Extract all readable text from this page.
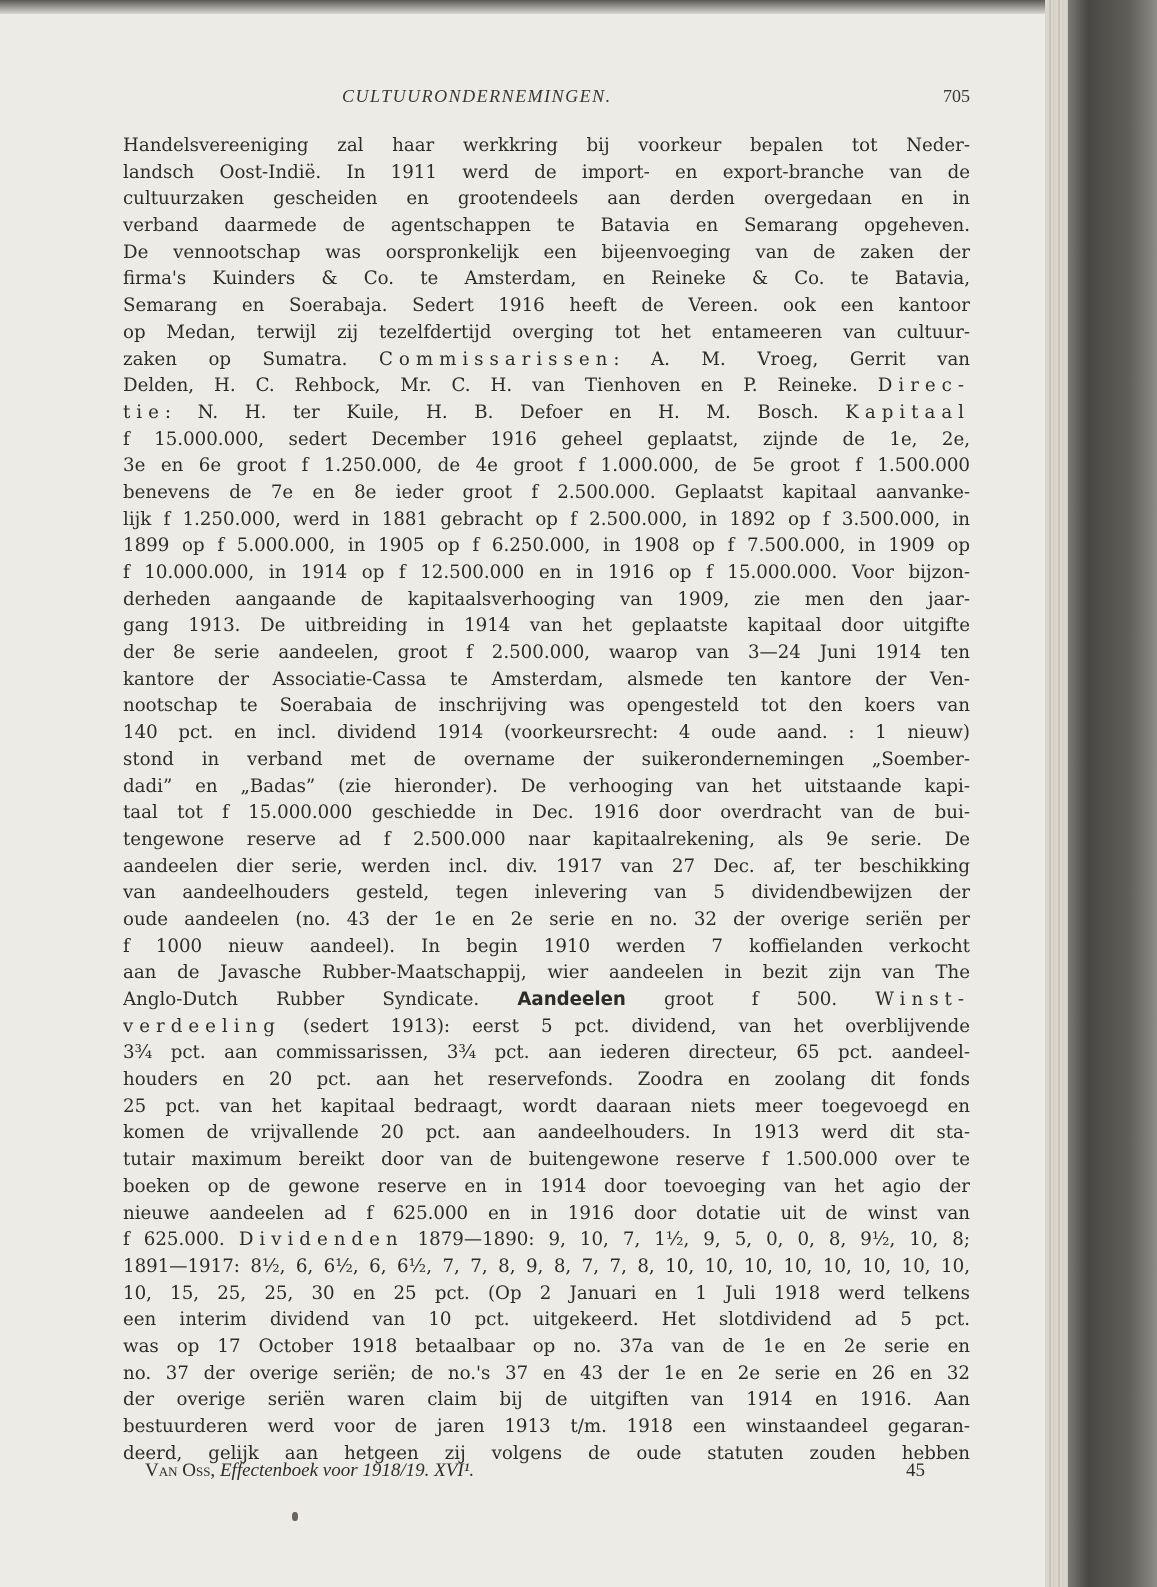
CULTUURONDERNEMINGEN.	705
Handelsvereeniging zal haar werkkring bij voorkeur bepalen tot Neder-
landsch Oost-Indië. In 1911 werd de import- en export-branche van de
cultuurzaken gescheiden en grootendeels aan derden overgedaan en in
verband daarmede de agentschappen te Batavia en Semarang opgeheven.
De vennootschap was oorspronkelijk een bijeenvoeging van de zaken der
firma's Kuinders & Co. te Amsterdam, en Reineke & Co. te Batavia,
Semarang en Soerabaja. Sedert 1916 heeft de Vereen. ook een kantoor
op Medan, terwijl zij tezelfdertijd overging tot het entameeren van cultuur-
zaken op Sumatra. Commissarissen: A. M. Vroeg, Gerrit van
Delden, H. C. Rehbock, Mr. C. H. van Tienhoven en P. Reineke. Direc-
tie: N. H. ter Kuile, H. B. Defoer en H. M. Bosch. Kapitaal
f 15.000.000, sedert December 1916 geheel geplaatst, zijnde de 1e, 2e,
3e en 6e groot f 1.250.000, de 4e groot f 1.000.000, de 5e groot f 1.500.000
benevens de 7e en 8e ieder groot f 2.500.000. Geplaatst kapitaal aanvanke-
lijk f 1.250.000, werd in 1881 gebracht op f 2.500.000, in 1892 op f 3.500.000, in
1899 op f 5.000.000, in 1905 op f 6.250.000, in 1908 op f 7.500.000, in 1909 op
f 10.000.000, in 1914 op f 12.500.000 en in 1916 op f 15.000.000. Voor bijzon-
derheden aangaande de kapitaalsverhooging van 1909, zie men den jaar-
gang 1913. De uitbreiding in 1914 van het geplaatste kapitaal door uitgifte
der 8e serie aandeelen, groot f 2.500.000, waarop van 3—24 Juni 1914 ten
kantore der Associatie-Cassa te Amsterdam, alsmede ten kantore der Ven-
nootschap te Soerabaia de inschrijving was opengesteld tot den koers van
140 pct. en incl. dividend 1914 (voorkeursrecht: 4 oude aand. : 1 nieuw)
stond in verband met de overname der suikerondernemingen „Soember-
dadi” en „Badas” (zie hieronder). De verhooging van het uitstaande kapi-
taal tot f 15.000.000 geschiedde in Dec. 1916 door overdracht van de bui-
tengewone reserve ad f 2.500.000 naar kapitaalrekening, als 9e serie. De
aandeelen dier serie, werden incl. div. 1917 van 27 Dec. af, ter beschikking
van aandeelhouders gesteld, tegen inlevering van 5 dividendbewijzen der
oude aandeelen (no. 43 der 1e en 2e serie en no. 32 der overige seriën per
f 1000 nieuw aandeel). In begin 1910 werden 7 koffielanden verkocht
aan de Javasche Rubber-Maatschappij, wier aandeelen in bezit zijn van The
Anglo-Dutch Rubber Syndicate. Aandeelen groot f 500. Winst-
verdeeling (sedert 1913): eerst 5 pct. dividend, van het overblijvende
3¾ pct. aan commissarissen, 3¾ pct. aan iederen directeur, 65 pct. aandeel-
houders en 20 pct. aan het reservefonds. Zoodra en zoolang dit fonds
25 pct. van het kapitaal bedraagt, wordt daaraan niets meer toegevoegd en
komen de vrijvallende 20 pct. aan aandeelhouders. In 1913 werd dit sta-
tutair maximum bereikt door van de buitengewone reserve f 1.500.000 over te
boeken op de gewone reserve en in 1914 door toevoeging van het agio der
nieuwe aandeelen ad f 625.000 en in 1916 door dotatie uit de winst van
f 625.000. Dividenden 1879—1890: 9, 10, 7, 1½, 9, 5, 0, 0, 8, 9½, 10, 8;
1891—1917: 8½, 6, 6½, 6, 6½, 7, 7, 8, 9, 8, 7, 7, 8, 10, 10, 10, 10, 10, 10, 10, 10,
10, 15, 25, 25, 30 en 25 pct. (Op 2 Januari en 1 Juli 1918 werd telkens
een interim dividend van 10 pct. uitgekeerd. Het slotdividend ad 5 pct.
was op 17 October 1918 betaalbaar op no. 37a van de 1e en 2e serie en
no. 37 der overige seriën; de no.'s 37 en 43 der 1e en 2e serie en 26 en 32
der overige seriën waren claim bij de uitgiften van 1914 en 1916. Aan
bestuurderen werd voor de jaren 1913 t/m. 1918 een winstaandeel gegaran-
deerd, gelijk aan hetgeen zij volgens de oude statuten zouden hebben
Van Oss, Effectenboek voor 1918/19. XVI¹.	45
